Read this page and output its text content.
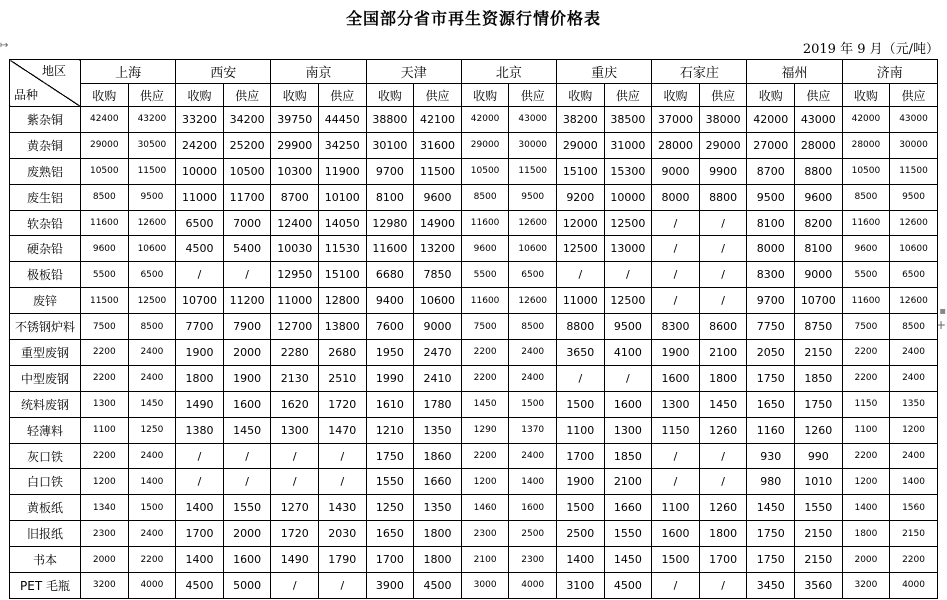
全国部分省市再生资源行情价格表
2019 年 9 月（元/吨）
↦
▪
+
地区
品种	上海		西安		南京		天津		北京		重庆		石家庄		福州		济南	
	收购	供应	收购	供应	收购	供应	收购	供应	收购	供应	收购	供应	收购	供应	收购	供应	收购	供应
紫杂铜	42400	43200	33200	34200	39750	44450	38800	42100	42000	43000	38200	38500	37000	38000	42000	43000	42000	43000
黄杂铜	29000	30500	24200	25200	29900	34250	30100	31600	29000	30000	29000	31000	28000	29000	27000	28000	28000	30000
废熟铝	10500	11500	10000	10500	10300	11900	9700	11500	10500	11500	15100	15300	9000	9900	8700	8800	10500	11500
废生铝	8500	9500	11000	11700	8700	10100	8100	9600	8500	9500	9200	10000	8000	8800	9500	9600	8500	9500
软杂铅	11600	12600	6500	7000	12400	14050	12980	14900	11600	12600	12000	12500	/	/	8100	8200	11600	12600
硬杂铅	9600	10600	4500	5400	10030	11530	11600	13200	9600	10600	12500	13000	/	/	8000	8100	9600	10600
极板铅	5500	6500	/	/	12950	15100	6680	7850	5500	6500	/	/	/	/	8300	9000	5500	6500
废锌	11500	12500	10700	11200	11000	12800	9400	10600	11600	12600	11000	12500	/	/	9700	10700	11600	12600
不锈钢炉料	7500	8500	7700	7900	12700	13800	7600	9000	7500	8500	8800	9500	8300	8600	7750	8750	7500	8500
重型废钢	2200	2400	1900	2000	2280	2680	1950	2470	2200	2400	3650	4100	1900	2100	2050	2150	2200	2400
中型废钢	2200	2400	1800	1900	2130	2510	1990	2410	2200	2400	/	/	1600	1800	1750	1850	2200	2400
统料废钢	1300	1450	1490	1600	1620	1720	1610	1780	1450	1500	1500	1600	1300	1450	1650	1750	1150	1350
轻薄料	1100	1250	1380	1450	1300	1470	1210	1350	1290	1370	1100	1300	1150	1260	1160	1260	1100	1200
灰口铁	2200	2400	/	/	/	/	1750	1860	2200	2400	1700	1850	/	/	930	990	2200	2400
白口铁	1200	1400	/	/	/	/	1550	1660	1200	1400	1900	2100	/	/	980	1010	1200	1400
黄板纸	1340	1500	1400	1550	1270	1430	1250	1350	1460	1600	1500	1660	1100	1260	1450	1550	1400	1560
旧报纸	2300	2400	1700	2000	1720	2030	1650	1800	2300	2500	2500	1550	1600	1800	1750	2150	1800	2150
书本	2000	2200	1400	1600	1490	1790	1700	1800	2100	2300	1400	1450	1500	1700	1750	2150	2000	2200
PET 毛瓶	3200	4000	4500	5000	/	/	3900	4500	3000	4000	3100	4500	/	/	3450	3560	3200	4000
